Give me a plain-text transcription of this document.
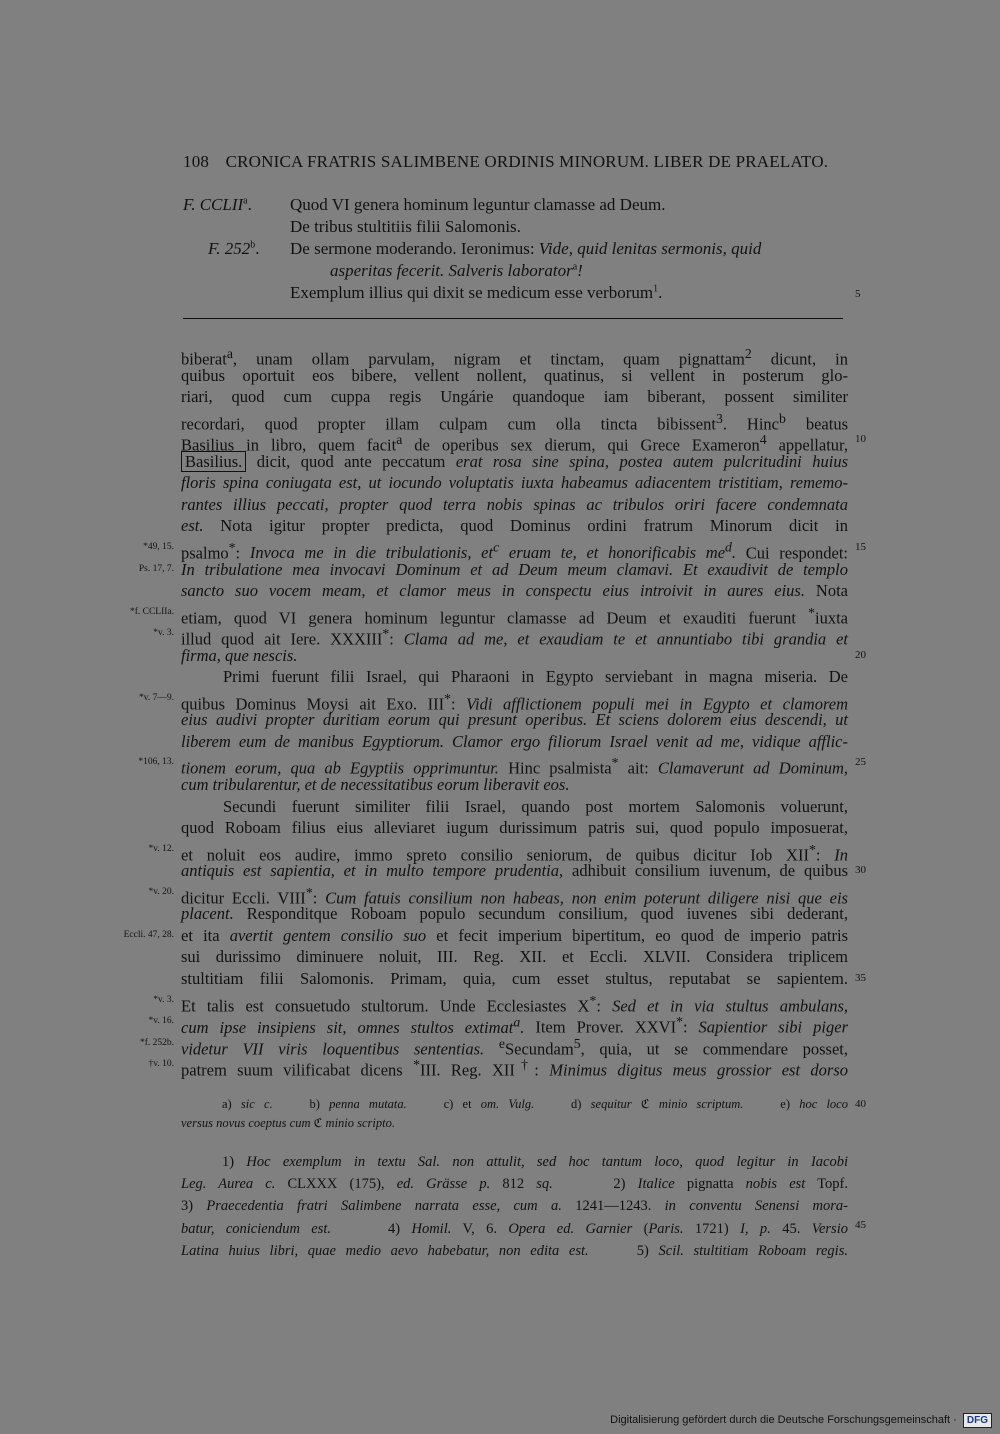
108 CRONICA FRATRIS SALIMBENE ORDINIS MINORUM. LIBER DE PRAELATO.
F. CCLII$^a$. Quod VI genera hominum leguntur clamasse ad Deum.
De tribus stultitiis filii Salomonis.
F. 252$^b$. De sermone moderando. Ieronimus: Vide, quid lenitas sermonis, quid
asperitas fecerit. Salveris laborator$^a$!
Exemplum illius qui dixit se medicum esse verborum$^1$.	5
biberat$^a$, unam ollam parvulam, nigram et tinctam, quam pignattam$^2$ dicunt, in
quibus oportuit eos bibere, vellent nollent, quatinus, si vellent in posterum glo-
riari, quod cum cuppa regis Ungárie quandoque iam biberant, possent similiter
recordari, quod propter illam culpam cum olla tincta bibissent$^3$. Hinc$^b$ beatus
Basilius in libro, quem facit$^a$ de operibus sex dierum, qui Grece Exameron$^4$ appellatur,
Basilius. dicit, quod ante peccatum erat rosa sine spina, postea autem pulcritudini huius
floris spina coniugata est, ut iocundo voluptatis iuxta habeamus adiacentem tristitiam, rememo-
rantes illius peccati, propter quod terra nobis spinas ac tribulos oriri facere condemnata
est. Nota igitur propter predicta, quod Dominus ordini fratrum Minorum dicit in
psalmo*: Invoca me in die tribulationis, $et^c$ eruam te, et honorificabis $me^d$. Cui respondet:
In tribulatione mea invocavi Dominum et ad Deum meum clamavi. Et exaudivit de templo
sancto suo vocem meam, et clamor meus in conspectu eius introivit in aures eius. Nota
etiam, quod VI genera hominum leguntur clamasse ad Deum et exauditi fuerunt *iuxta
illud quod ait Iere. XXXIII*: Clama ad me, et exaudiam te et annuntiabo tibi grandia et
firma, que nescis.
Primi fuerunt filii Israel, qui Pharaoni in Egypto serviebant in magna miseria. De
quibus Dominus Moysi ait Exo. III*: Vidi afflictionem populi mei in Egypto et clamorem
eius audivi propter duritiam eorum qui presunt operibus. Et sciens dolorem eius descendi, ut
liberem eum de manibus Egyptiorum. Clamor ergo filiorum Israel venit ad me, vidique afflic-
tionem eorum, qua ab Egyptiis opprimuntur. Hinc psalmista* ait: Clamaverunt ad Dominum,
cum tribularentur, et de necessitatibus eorum liberavit eos.
Secundi fuerunt similiter filii Israel, quando post mortem Salomonis voluerunt,
quod Roboam filius eius alleviaret iugum durissimum patris sui, quod populo imposuerat,
et noluit eos audire, immo spreto consilio seniorum, de quibus dicitur Iob XII*: In
antiquis est sapientia, et in multo tempore prudentia, adhibuit consilium iuvenum, de quibus
dicitur Eccli. VIII*: Cum fatuis consilium non habeas, non enim poterunt diligere nisi que eis
placent. Responditque Roboam populo secundum consilium, quod iuvenes sibi dederant,
et ita avertit gentem consilio suo et fecit imperium bipertitum, eo quod de imperio patris
sui durissimo diminuere noluit, III. Reg. XII. et Eccli. XLVII. Considera triplicem
stultitiam filii Salomonis. Primam, quia, cum esset stultus, reputabat se sapientem.
Et talis est consuetudo stultorum. Unde Ecclesiastes X*: Sed et in via stultus ambulans,
cum ipse insipiens sit, omnes stultos extimat$^a$. Item Prover. XXVI*: Sapientior sibi piger
videtur VII viris loquentibus sententias. $^e$Secundam$^5$, quia, ut se commendare posset,
patrem suum vilificabat dicens *III. Reg. XII†: Minimus digitus meus grossior est dorso
*49, 15.
Ps. 17, 7.
*f. CCLIIa.
*v. 3.
*v. 7—9.
*106, 13.
*v. 12.
*v. 20.
Eccli. 47, 28.
*v. 3.
*v. 16.
*f. 252b.
†v. 10.
10
15
20
25
30
35
a) sic c.    b) penna mutata.    c) et om. Vulg.    d) sequitur ℭ minio scriptum.    e) hoc loco
versus novus coeptus cum ℭ minio scripto.
40
1) Hoc exemplum in textu Sal. non attulit, sed hoc tantum loco, quod legitur in Iacobi
Leg. Aurea c. CLXXX (175), ed. Grässe p. 812 sq.     2) Italice pignatta nobis est Topf.
3) Praecedentia fratri Salimbene narrata esse, cum a. 1241—1243. in conventu Senensi mora-
batur, coniciendum est.     4) Homil. V, 6. Opera ed. Garnier (Paris. 1721) I, p. 45. Versio
Latina huius libri, quae medio aevo habebatur, non edita est.     5) Scil. stultitiam Roboam regis.
45
Digitalisierung gefördert durch die Deutsche Forschungsgemeinschaft · DFG
